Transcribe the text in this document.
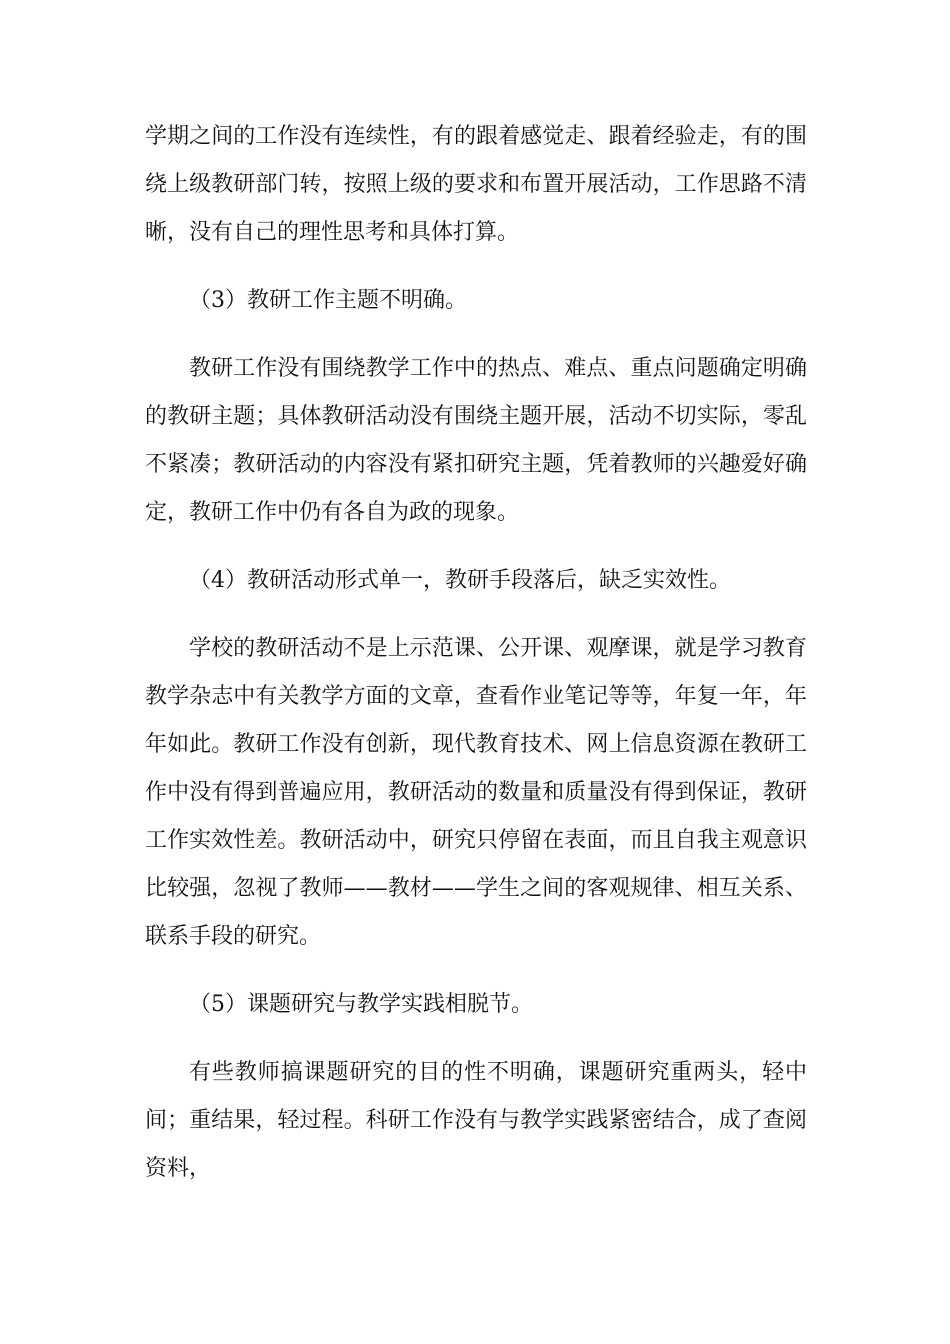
学期之间的工作没有连续性，有的跟着感觉走、跟着经验走，有的围绕上级教研部门转，按照上级的要求和布置开展活动，工作思路不清晰，没有自己的理性思考和具体打算。

（3）教研工作主题不明确。

教研工作没有围绕教学工作中的热点、难点、重点问题确定明确的教研主题；具体教研活动没有围绕主题开展，活动不切实际，零乱不紧凑；教研活动的内容没有紧扣研究主题，凭着教师的兴趣爱好确定，教研工作中仍有各自为政的现象。

（4）教研活动形式单一，教研手段落后，缺乏实效性。

学校的教研活动不是上示范课、公开课、观摩课，就是学习教育教学杂志中有关教学方面的文章，查看作业笔记等等，年复一年，年年如此。教研工作没有创新，现代教育技术、网上信息资源在教研工作中没有得到普遍应用，教研活动的数量和质量没有得到保证，教研工作实效性差。教研活动中，研究只停留在表面，而且自我主观意识比较强，忽视了教师——教材——学生之间的客观规律、相互关系、联系手段的研究。

（5）课题研究与教学实践相脱节。

有些教师搞课题研究的目的性不明确，课题研究重两头，轻中间；重结果，轻过程。科研工作没有与教学实践紧密结合，成了查阅资料，
